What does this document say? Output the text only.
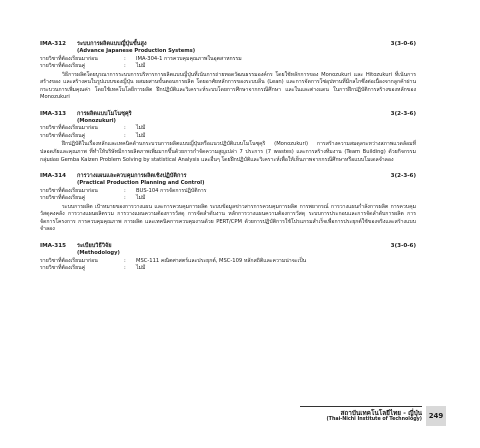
IMA-312	ระบบการผลิตแบบญี่ปุ่นขั้นสูง	3(3-0-6)
(Advance Japanese Production Systems)
รายวิชาที่ต้องเรียนมาก่อน	:	IMA-304-1 การควบคุมคุณภาพในอุตสาหกรรม
รายวิชาที่ต้องเรียนคู่	:	ไม่มี
วิธีการผลิตโดยบูรณาการระบบการบริหารการผลิตแบบญี่ปุ่นที่เน้นการถ่ายทอดวัฒนธรรมองค์กร โดยใช้หลักการของ Monozukuri และ Hitozukuri ที่เน้นการสร้างของ และสร้างคนในรูปแบบของญี่ปุ่น ผสมผสานขั้นตอนการผลิต โดยอาศัยหลักการของระบบลีน (Lean) และการจัดการโซ่อุปทานที่มีกลไกซึ่งต่อเนื่องจากลูกค้าผ่านกระบวนการเพิ่มคุณค่า โดยใช้เทคโนโลยีการผลิต ฝึกปฏิบัติและวิเคราะห์ระบบโดยการศึกษาจากกรณีศึกษา และในและต่างแดน ในการฝึกปฏิบัติการสร้างของหลักของ Monozukuri
IMA-313	การผลิตแบบโมโนซุคุริ	3(2-3-6)
(Monozukuri)
รายวิชาที่ต้องเรียนมาก่อน	:	ไม่มี
รายวิชาที่ต้องเรียนคู่	:	ไม่มี
ฝึกปฏิบัติในเรื่องหลักและเทคนิคด้านกระบวนการผลิตแบบญี่ปุ่นหรือแนวปฏิบัติแบบโมโนซุคุริ (Monozukuri) การสร้างความสมดุลระหว่างสภาพแวดล้อมที่ปลอดภัยและคุณภาพ ที่ทำให้บริษัทมีการผลิตภาพเพิ่มมากขึ้นด้วยการกำจัดความสูญเปล่า 7 ประการ (7 wastes) และการสร้างทีมงาน (Team Building) ด้วยกิจกรรมกลุ่มย่อย Gemba Kaizen Problem Solving by statistical Analysis และอื่นๆ โดยฝึกปฏิบัติและวิเคราะห์เพื่อให้เห็นภาพจากกรณีศึกษาหรือแบบโมเดลจำลอง
IMA-314	การวางแผนและควบคุมการผลิตเชิงปฏิบัติการ	3(2-3-6)
(Practical Production Planning and Control)
รายวิชาที่ต้องเรียนมาก่อน	:	BUS-104 การจัดการปฏิบัติการ
รายวิชาที่ต้องเรียนคู่	:	ไม่มี
ระบบการผลิต เป้าหมายของการวางแผน และการควบคุมการผลิต ระบบข้อมูลข่าวสารการควบคุมการผลิต การพยากรณ์ การวางแผนกำลังการผลิต การควบคุมวัสดุคงคลัง การวางแผนผลิตรวม การวางแผนความต้องการวัสดุ การจัดลำดับงาน หลักการวางแผนความต้องการวัสดุ ระบบการประกอบและการจัดลำดับการผลิต การจัดการโครงการ การควบคุมคุณภาพ การผลิต และเทคนิคการควบคุมงานด้วย PERT/CPM ด้วยการปฏิบัติการใช้โปรแกรมสำเร็จเพื่อการประยุกต์ใช้ของจริงและสร้างแบบจำลอง
IMA-315	ระเบียบวิธีวิจัย	3(3-0-6)
(Methodology)
รายวิชาที่ต้องเรียนมาก่อน	:	MSC-111 คณิตศาสตร์และประยุกต์, MSC-109 หลักสถิติและความน่าจะเป็น
รายวิชาที่ต้องเรียนคู่	:	ไม่มี
สถาบันเทคโนโลยีไทย - ญี่ปุ่น
(Thai-Nichi Institute of Technology) 249
